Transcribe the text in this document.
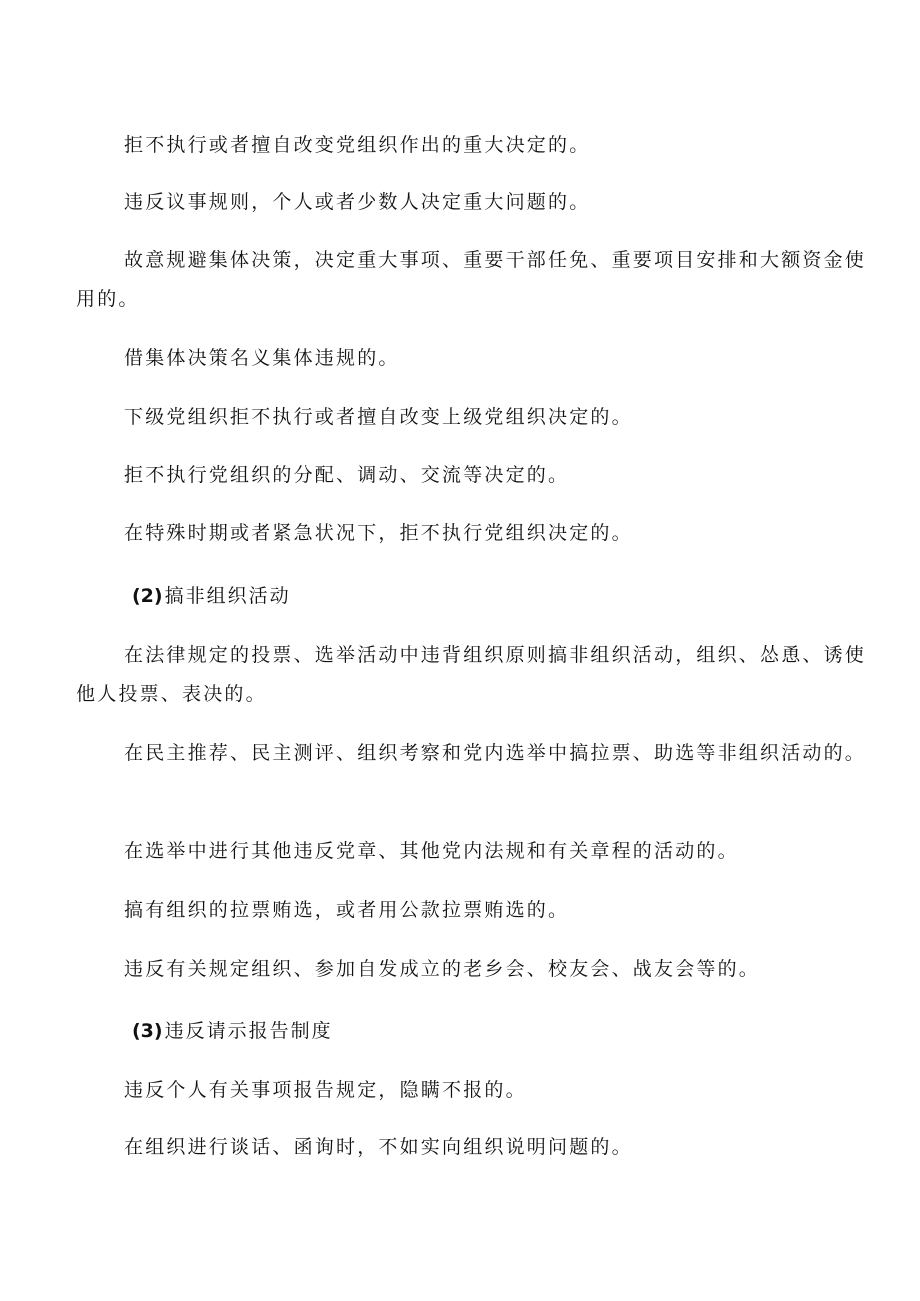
拒不执行或者擅自改变党组织作出的重大决定的。

违反议事规则，个人或者少数人决定重大问题的。

故意规避集体决策，决定重大事项、重要干部任免、重要项目安排和大额资金使用的。

借集体决策名义集体违规的。

下级党组织拒不执行或者擅自改变上级党组织决定的。

拒不执行党组织的分配、调动、交流等决定的。

在特殊时期或者紧急状况下，拒不执行党组织决定的。

(2) 搞非组织活动

在法律规定的投票、选举活动中违背组织原则搞非组织活动，组织、怂恿、诱使他人投票、表决的。

在民主推荐、民主测评、组织考察和党内选举中搞拉票、助选等非组织活动的。

在选举中进行其他违反党章、其他党内法规和有关章程的活动的。

搞有组织的拉票贿选，或者用公款拉票贿选的。

违反有关规定组织、参加自发成立的老乡会、校友会、战友会等的。

(3) 违反请示报告制度

违反个人有关事项报告规定，隐瞒不报的。

在组织进行谈话、函询时，不如实向组织说明问题的。
